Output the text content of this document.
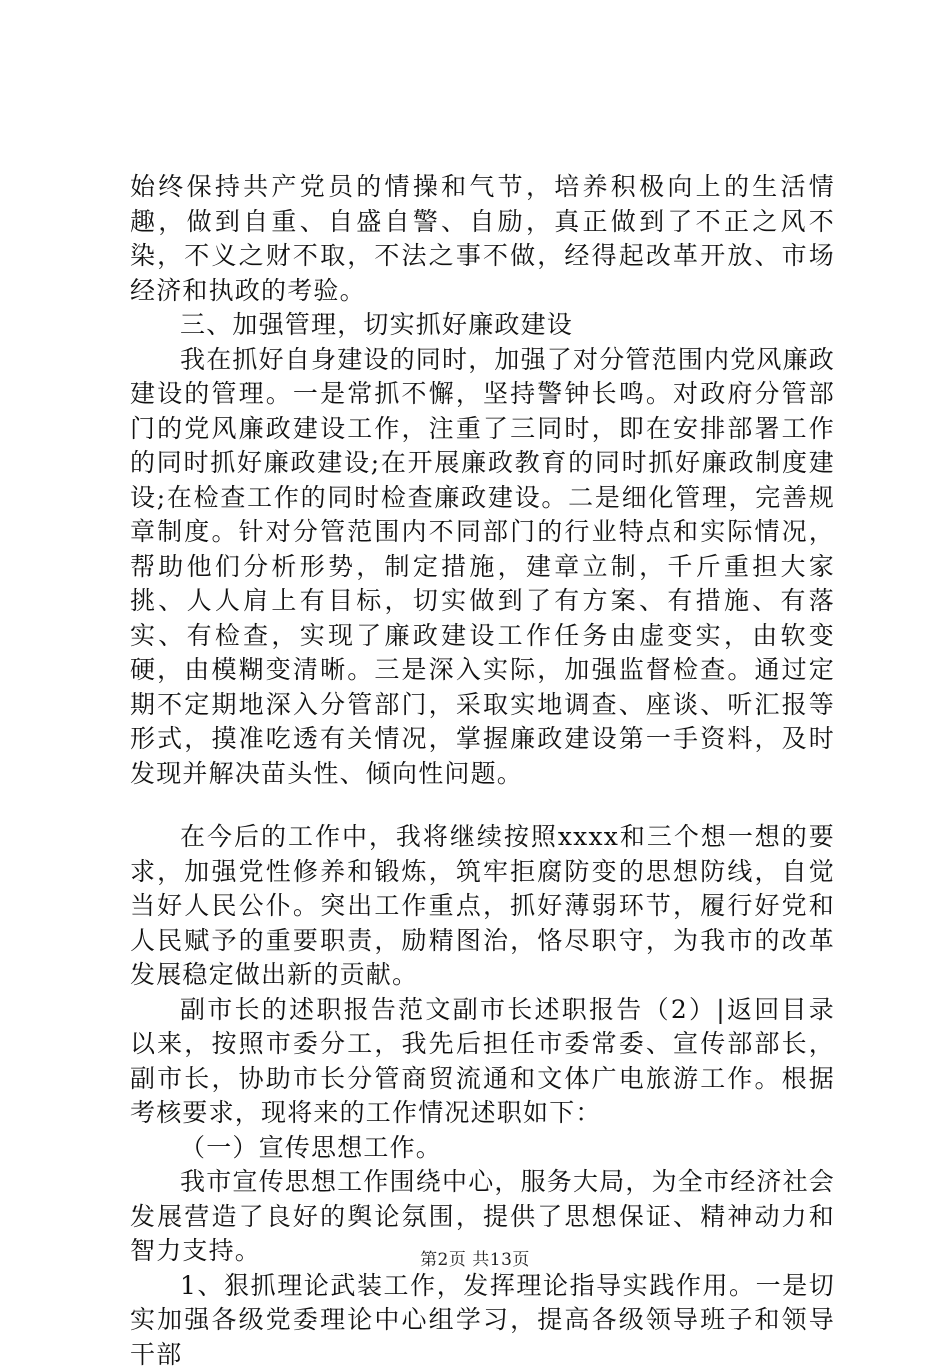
始终保持共产党员的情操和气节，培养积极向上的生活情趣，做到自重、自盛自警、自励，真正做到了不正之风不染，不义之财不取，不法之事不做，经得起改革开放、市场经济和执政的考验。

三、加强管理，切实抓好廉政建设

我在抓好自身建设的同时，加强了对分管范围内党风廉政建设的管理。一是常抓不懈，坚持警钟长鸣。对政府分管部门的党风廉政建设工作，注重了三同时，即在安排部署工作的同时抓好廉政建设;在开展廉政教育的同时抓好廉政制度建设;在检查工作的同时检查廉政建设。二是细化管理，完善规章制度。针对分管范围内不同部门的行业特点和实际情况，帮助他们分析形势，制定措施，建章立制，千斤重担大家挑、人人肩上有目标，切实做到了有方案、有措施、有落实、有检查，实现了廉政建设工作任务由虚变实，由软变硬，由模糊变清晰。三是深入实际，加强监督检查。通过定期不定期地深入分管部门，采取实地调查、座谈、听汇报等形式，摸准吃透有关情况，掌握廉政建设第一手资料，及时发现并解决苗头性、倾向性问题。

在今后的工作中，我将继续按照xxxx和三个想一想的要求，加强党性修养和锻炼，筑牢拒腐防变的思想防线，自觉当好人民公仆。突出工作重点，抓好薄弱环节，履行好党和人民赋予的重要职责，励精图治，恪尽职守，为我市的改革发展稳定做出新的贡献。

副市长的述职报告范文副市长述职报告（2）|返回目录以来，按照市委分工，我先后担任市委常委、宣传部部长，副市长，协助市长分管商贸流通和文体广电旅游工作。根据考核要求，现将来的工作情况述职如下：

（一）宣传思想工作。

我市宣传思想工作围绕中心，服务大局，为全市经济社会发展营造了良好的舆论氛围，提供了思想保证、精神动力和智力支持。

1、狠抓理论武装工作，发挥理论指导实践作用。一是切实加强各级党委理论中心组学习，提高各级领导班子和领导干部

第2页 共13页
